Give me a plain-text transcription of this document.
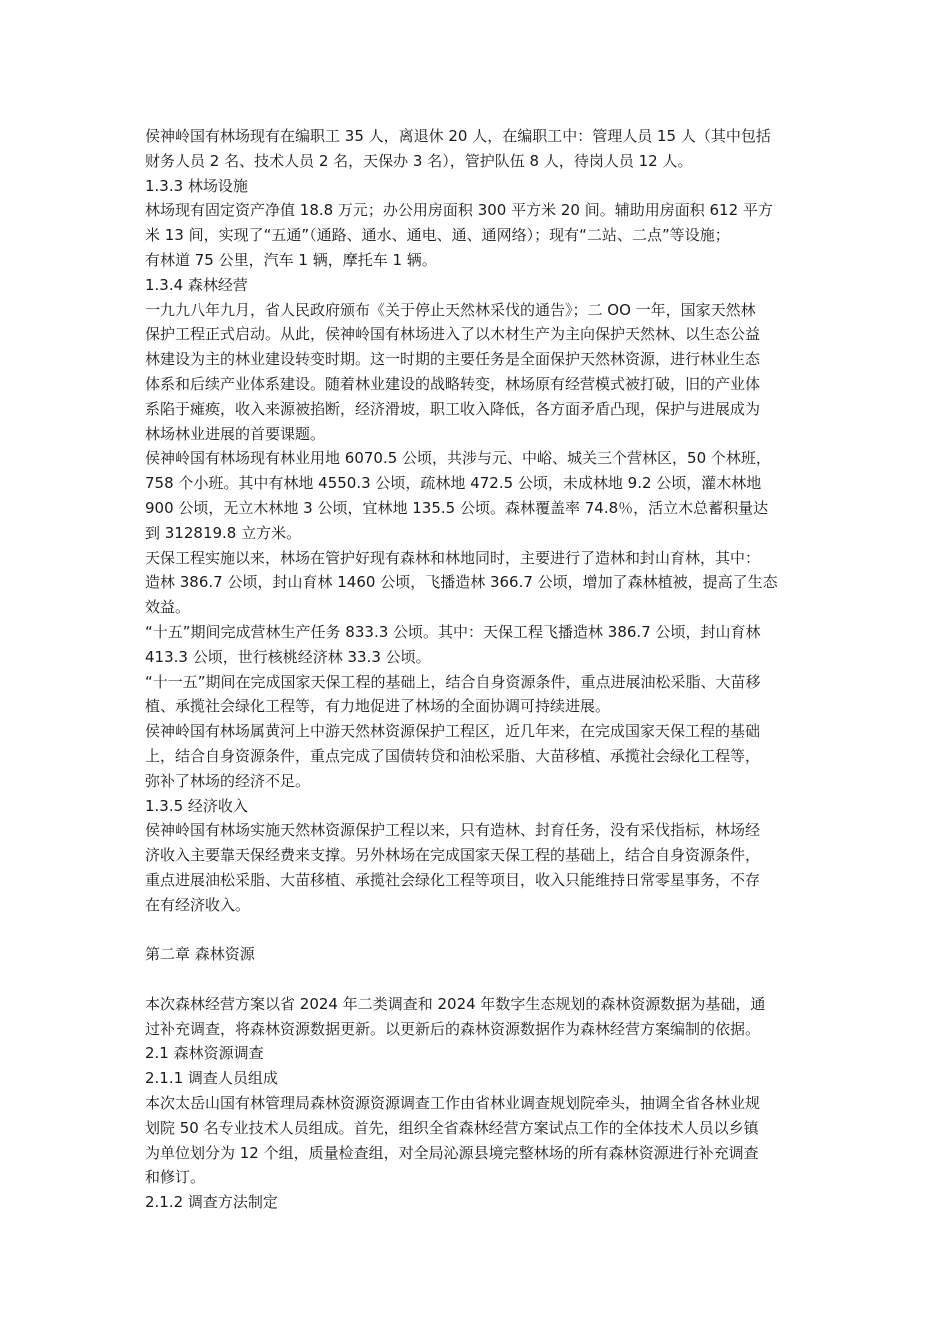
侯神岭国有林场现有在编职工 35 人，离退休 20 人，在编职工中：管理人员 15 人（其中包括
财务人员 2 名、技术人员 2 名，天保办 3 名），管护队伍 8 人，待岗人员 12 人。
1.3.3 林场设施
林场现有固定资产净值 18.8 万元；办公用房面积 300 平方米 20 间。辅助用房面积 612 平方
米 13 间，实现了“五通”（通路、通水、通电、通、通网络）；现有“二站、二点”等设施；
有林道 75 公里，汽车 1 辆，摩托车 1 辆。
1.3.4 森林经营
一九九八年九月，省人民政府颁布《关于停止天然林采伐的通告》；二 OO 一年，国家天然林
保护工程正式启动。从此，侯神岭国有林场进入了以木材生产为主向保护天然林、以生态公益
林建设为主的林业建设转变时期。这一时期的主要任务是全面保护天然林资源，进行林业生态
体系和后续产业体系建设。随着林业建设的战略转变，林场原有经营模式被打破，旧的产业体
系陷于瘫痪，收入来源被掐断，经济滑坡，职工收入降低，各方面矛盾凸现，保护与进展成为
林场林业进展的首要课题。
侯神岭国有林场现有林业用地 6070.5 公顷，共涉与元、中峪、城关三个营林区，50 个林班，
758 个小班。其中有林地 4550.3 公顷，疏林地 472.5 公顷，未成林地 9.2 公顷，灌木林地
900 公顷，无立木林地 3 公顷，宜林地 135.5 公顷。森林覆盖率 74.8％，活立木总蓄积量达
到 312819.8 立方米。
天保工程实施以来，林场在管护好现有森林和林地同时，主要进行了造林和封山育林，其中：
造林 386.7 公顷，封山育林 1460 公顷，飞播造林 366.7 公顷，增加了森林植被，提高了生态
效益。
“十五”期间完成营林生产任务 833.3 公顷。其中：天保工程飞播造林 386.7 公顷，封山育林
413.3 公顷，世行核桃经济林 33.3 公顷。
“十一五”期间在完成国家天保工程的基础上，结合自身资源条件，重点进展油松采脂、大苗移
植、承揽社会绿化工程等，有力地促进了林场的全面协调可持续进展。
侯神岭国有林场属黄河上中游天然林资源保护工程区，近几年来，在完成国家天保工程的基础
上，结合自身资源条件，重点完成了国债转贷和油松采脂、大苗移植、承揽社会绿化工程等，
弥补了林场的经济不足。
1.3.5 经济收入
侯神岭国有林场实施天然林资源保护工程以来，只有造林、封育任务，没有采伐指标，林场经
济收入主要靠天保经费来支撑。另外林场在完成国家天保工程的基础上，结合自身资源条件，
重点进展油松采脂、大苗移植、承揽社会绿化工程等项目，收入只能维持日常零星事务，不存
在有经济收入。
第二章 森林资源
本次森林经营方案以省 2024 年二类调查和 2024 年数字生态规划的森林资源数据为基础，通
过补充调查，将森林资源数据更新。以更新后的森林资源数据作为森林经营方案编制的依据。
2.1 森林资源调查
2.1.1 调查人员组成
本次太岳山国有林管理局森林资源资源调查工作由省林业调查规划院牵头，抽调全省各林业规
划院 50 名专业技术人员组成。首先，组织全省森林经营方案试点工作的全体技术人员以乡镇
为单位划分为 12 个组，质量检查组，对全局沁源县境完整林场的所有森林资源进行补充调查
和修订。
2.1.2 调查方法制定
